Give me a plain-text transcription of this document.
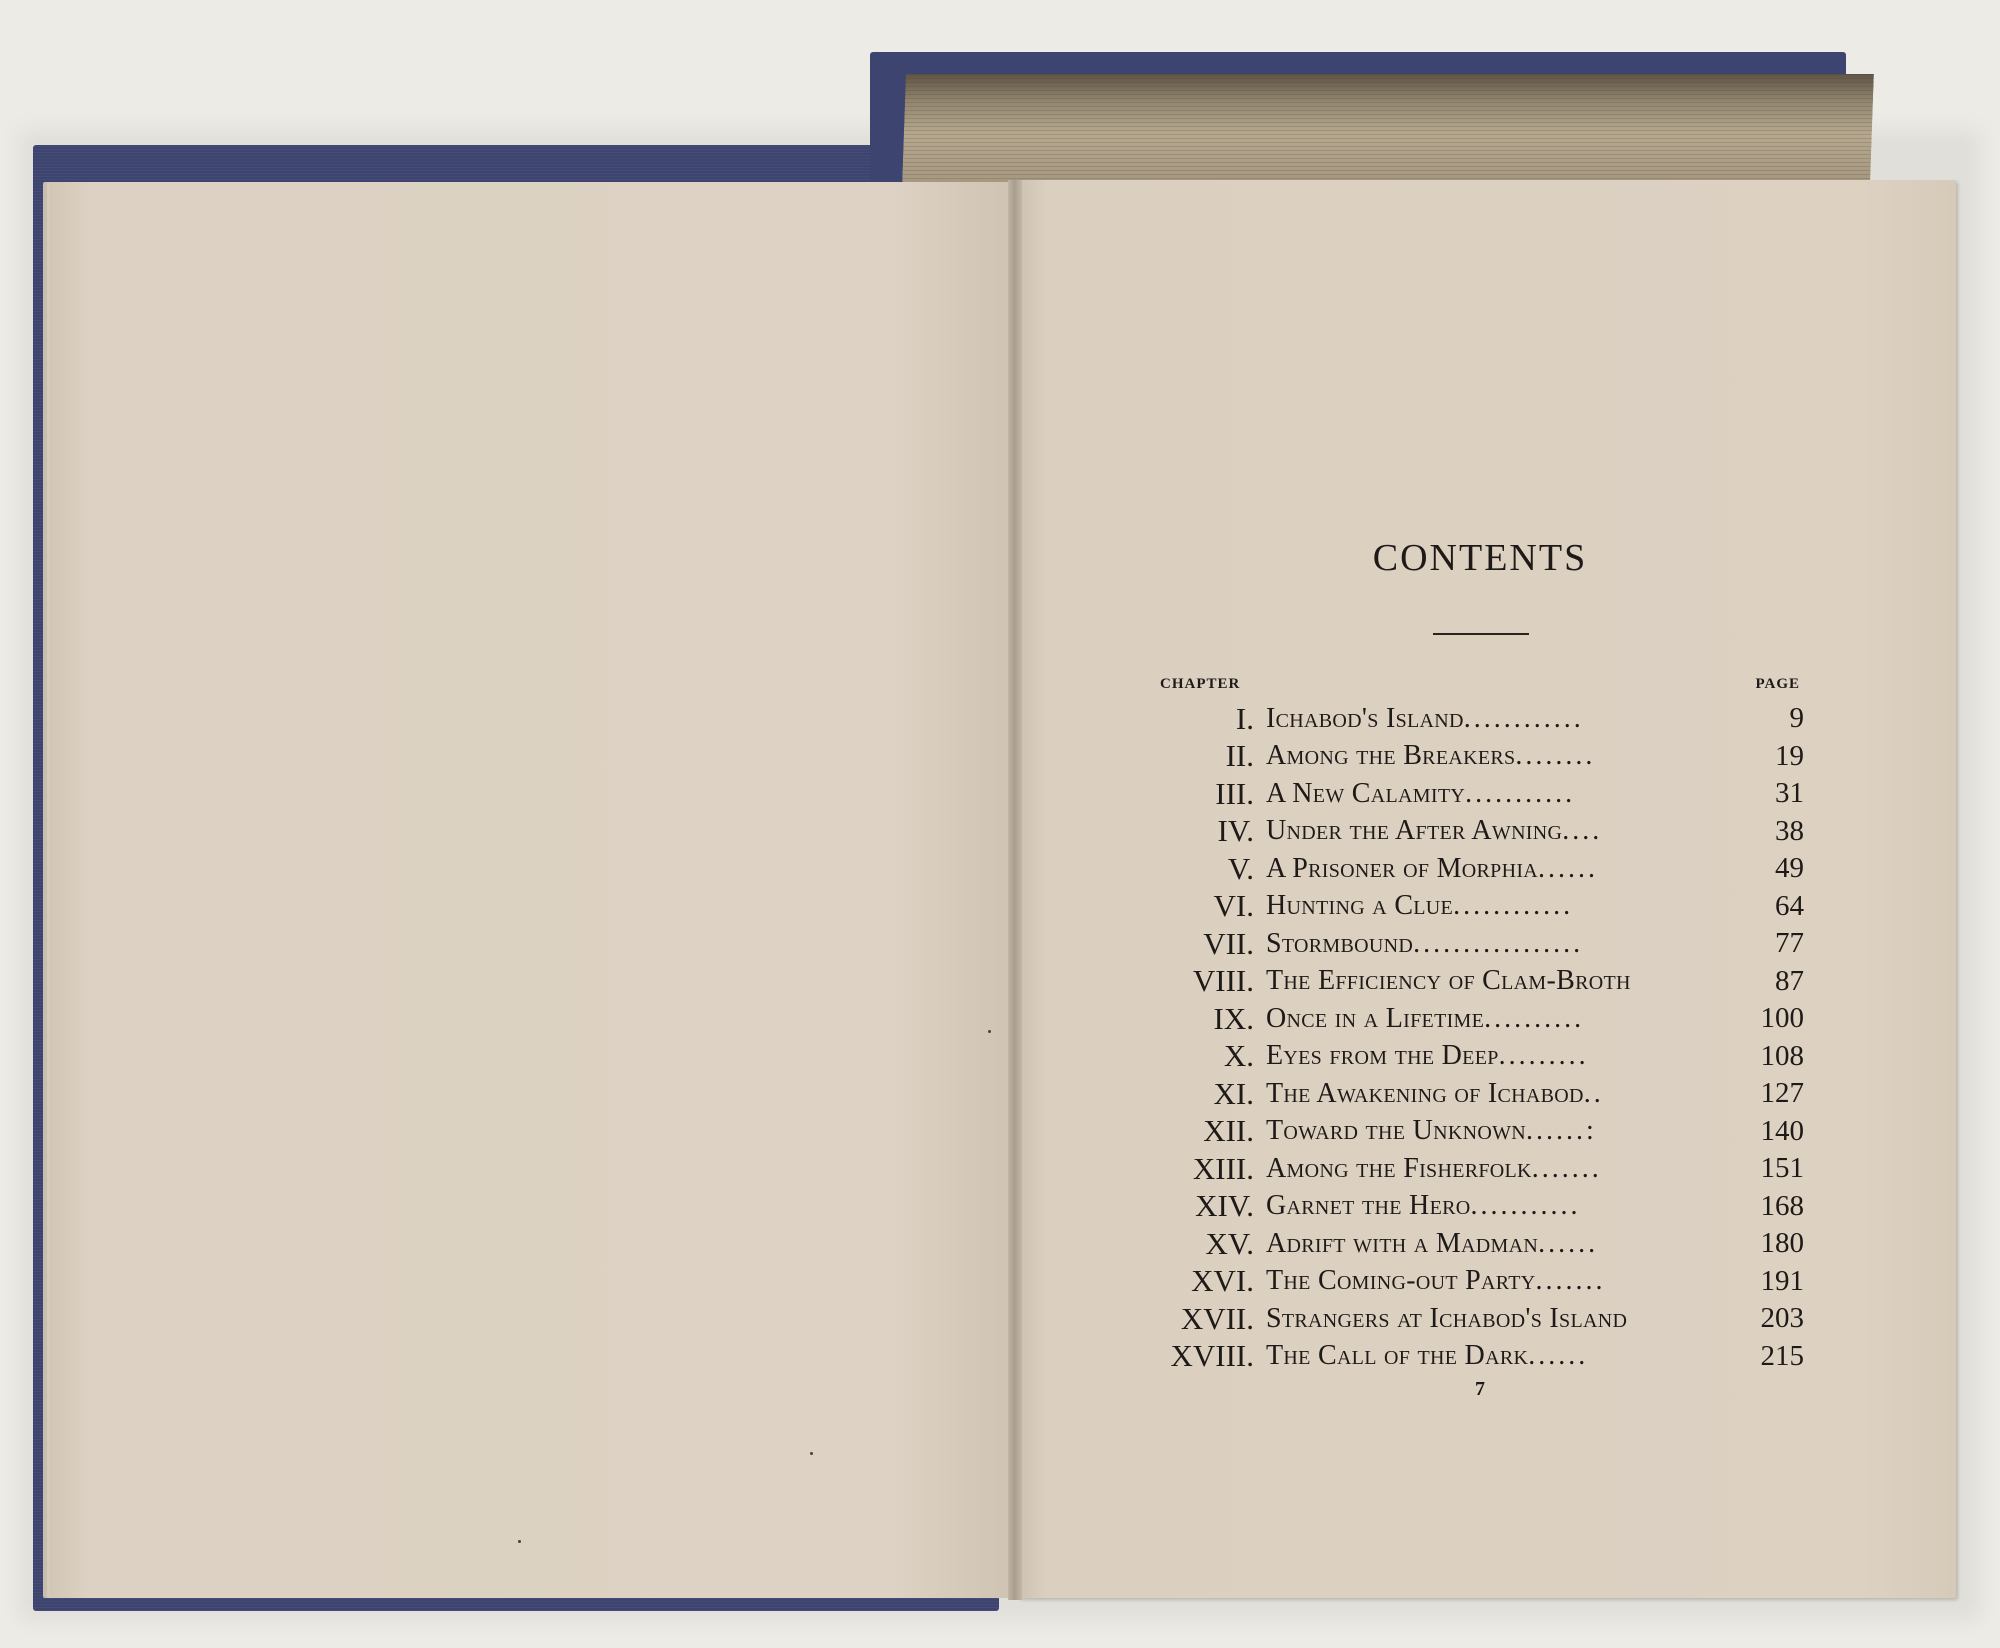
CONTENTS
CHAPTER	PAGE
I. Ichabod's Island............	9
II. Among the Breakers........	19
III. A New Calamity...........	31
IV. Under the After Awning....	38
V. A Prisoner of Morphia......	49
VI. Hunting a Clue............	64
VII. Stormbound.................	77
VIII. The Efficiency of Clam-Broth	87
IX. Once in a Lifetime..........	100
X. Eyes from the Deep.........	108
XI. The Awakening of Ichabod..	127
XII. Toward the Unknown......:	140
XIII. Among the Fisherfolk.......	151
XIV. Garnet the Hero...........	168
XV. Adrift with a Madman......	180
XVI. The Coming-out Party.......	191
XVII. Strangers at Ichabod's Island	203
XVIII. The Call of the Dark......	215
7
